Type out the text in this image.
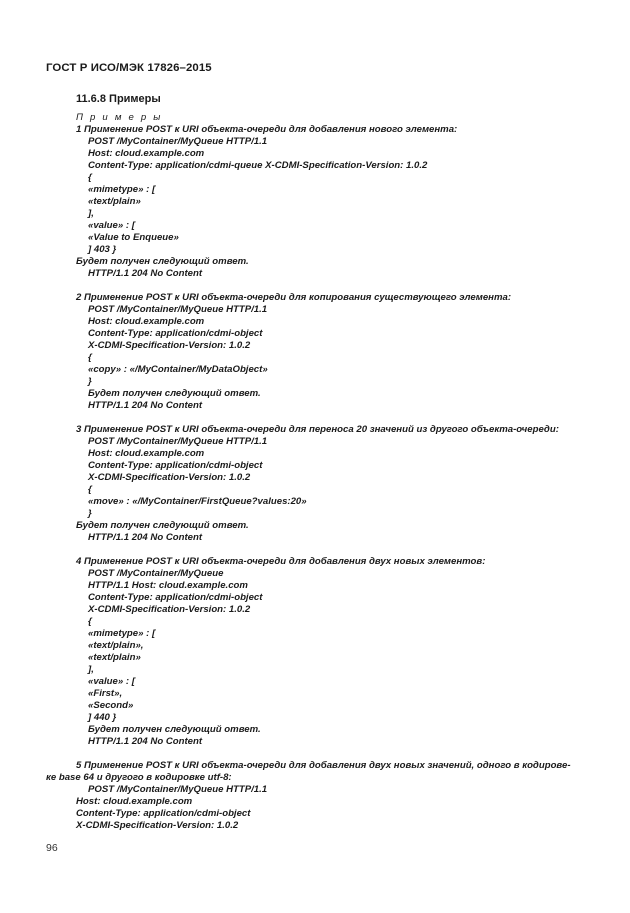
ГОСТ Р ИСО/МЭК 17826–2015
11.6.8 Примеры
П р и м е р ы
1 Применение POST к URI объекта-очереди для добавления нового элемента:
POST /MyContainer/MyQueue HTTP/1.1
Host: cloud.example.com
Content-Type: application/cdmi-queue X-CDMI-Specification-Version: 1.0.2
{
«mimetype» : [
«text/plain»
],
«value» : [
«Value to Enqueue»
] 403 }
Будет получен следующий ответ.
HTTP/1.1 204 No Content
2 Применение POST к URI объекта-очереди для копирования существующего элемента:
POST /MyContainer/MyQueue HTTP/1.1
Host: cloud.example.com
Content-Type: application/cdmi-object
X-CDMI-Specification-Version: 1.0.2
{
«copy» : «/MyContainer/MyDataObject»
}
Будет получен следующий ответ.
HTTP/1.1 204 No Content
3 Применение POST к URI объекта-очереди для переноса 20 значений из другого объекта-очереди:
POST /MyContainer/MyQueue HTTP/1.1
Host: cloud.example.com
Content-Type: application/cdmi-object
X-CDMI-Specification-Version: 1.0.2
{
«move» : «/MyContainer/FirstQueue?values:20»
}
Будет получен следующий ответ.
HTTP/1.1 204 No Content
4 Применение POST к URI объекта-очереди для добавления двух новых элементов:
POST /MyContainer/MyQueue
HTTP/1.1 Host: cloud.example.com
Content-Type: application/cdmi-object
X-CDMI-Specification-Version: 1.0.2
{
«mimetype» : [
«text/plain»,
«text/plain»
],
«value» : [
«First»,
«Second»
] 440 }
Будет получен следующий ответ.
HTTP/1.1 204 No Content
5 Применение POST к URI объекта-очереди для добавления двух новых значений, одного в кодирове-
ке base 64 и другого в кодировке utf-8:
POST /MyContainer/MyQueue HTTP/1.1
Host: cloud.example.com
Content-Type: application/cdmi-object
X-CDMI-Specification-Version: 1.0.2
96
